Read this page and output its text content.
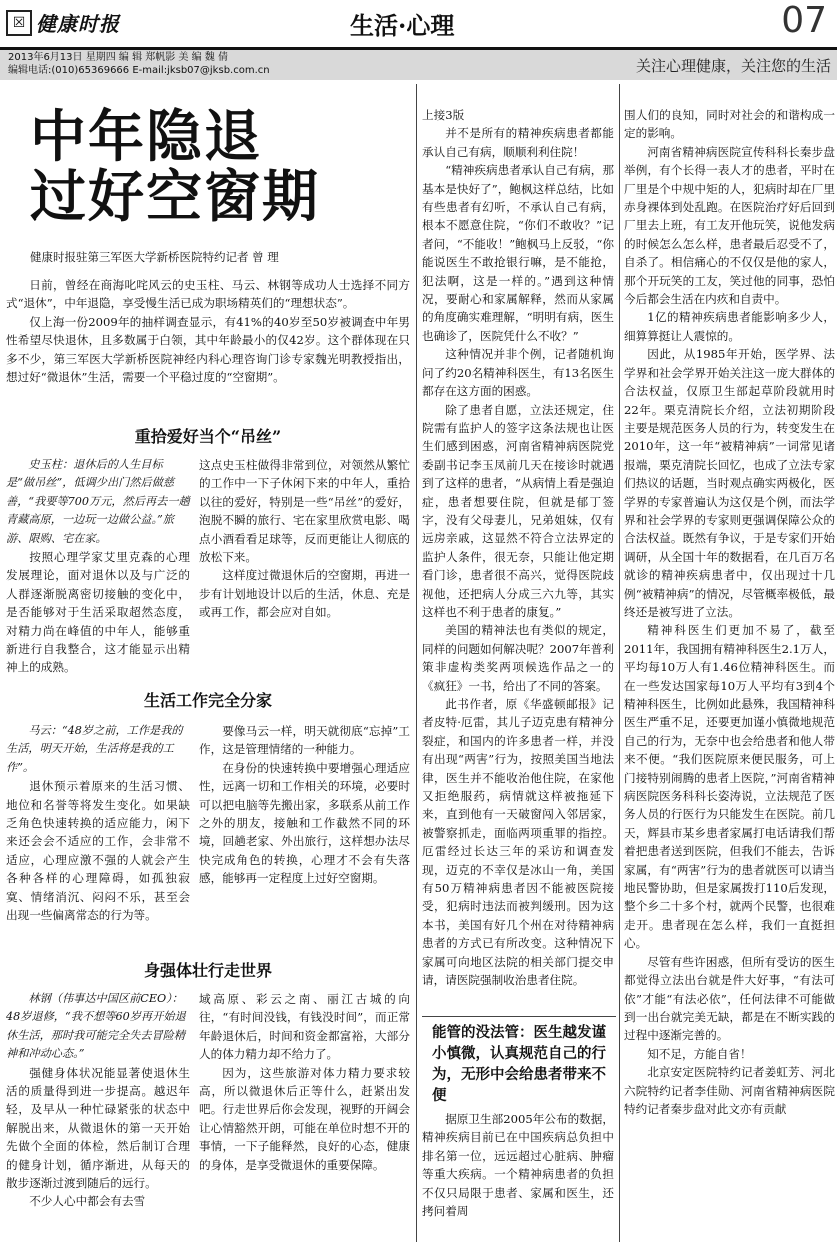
☒ 健康时报	生活·心理	07
2013年6月13日 星期四 编 辑 郑帆影 美 编 魏 倩
编辑电话:(010)65369666 E-mail:jksb07@jksb.com.cn	关注心理健康，关注您的生活
中年隐退
过好空窗期
健康时报驻第三军医大学新桥医院特约记者 曾 理

日前，曾经在商海叱咤风云的史玉柱、马云、林钢等成功人士选择不同方式“退休”，中年退隐，享受慢生活已成为职场精英们的“理想状态”。

仅上海一份2009年的抽样调查显示，有41%的40岁至50岁被调查中年男性希望尽快退休，且多数属于白领，其中年龄最小的仅42岁。这个群体现在只多不少，第三军医大学新桥医院神经内科心理咨询门诊专家魏光明教授指出，想过好“微退休”生活，需要一个平稳过度的“空窗期”。

重拾爱好当个“吊丝”

史玉柱：退休后的人生目标是“做吊丝”，低调少出门然后做慈善，“我要等700万元，然后再去一趟青藏高原，一边玩一边做公益。”旅游、限购、宅在家。

按照心理学家艾里克森的心理发展理论，面对退休以及与广泛的人群逐渐脱离密切接触的变化中，是否能够对于生活采取超然态度，对精力尚在峰值的中年人，能够重新进行自我整合，这才能显示出精神上的成熟。

这点史玉柱做得非常到位，对领然从繁忙的工作中一下子休闲下来的中年人，重拾以往的爱好，特别是一些“吊丝”的爱好，泡脱不瞬的旅行、宅在家里欣赏电影、喝点小酒看看足球等，反而更能让人彻底的放松下来。

这样度过微退休后的空窗期，再进一步有计划地设计以后的生活，休息、充是或再工作，都会应对自如。

生活工作完全分家

马云：“48岁之前，工作是我的生活，明天开始，生活将是我的工作”。

退休预示着原来的生活习惯、地位和名誉等将发生变化。如果缺乏角色快速转换的适应能力，闲下来还会会不适应的工作，会非常不适应，心理应激不强的人就会产生各种各样的心理障碍，如孤独寂寞、情绪消沉、闷闷不乐，甚至会出现一些偏离常态的行为等。

要像马云一样，明天就彻底“忘掉”工作，这是管理情绪的一种能力。

在身份的快速转换中要增强心理适应性，远离一切和工作相关的环境，必要时可以把电脑等先搬出家，多联系从前工作之外的朋友，接触和工作截然不同的环境，回趟老家、外出旅行，这样想办法尽快完成角色的转换，心理才不会有失落感，能够再一定程度上过好空窗期。

身强体壮行走世界

林钢（伟事达中国区前CEO）：48岁退修，“我不想等60岁再开始退休生活，那时我可能完全失去冒险精神和冲动心态。”

强健身体状况能显著使退休生活的质量得到进一步提高。越迟年轻，及早从一种忙碌紧张的状态中解脱出来，从微退休的第一天开始先做个全面的体检，然后制订合理的健身计划，循序渐进，从每天的散步逐渐过渡到随后的远行。

不少人心中都会有去雪

域高原、彩云之南、丽江古城的向往，“有时间没钱，有钱没时间”，而正常年龄退休后，时间和资金都富裕，大部分人的体力精力却不给力了。

因为，这些旅游对体力精力要求较高，所以微退休后正等什么，赶紧出发吧。行走世界后你会发现，视野的开阔会让心情豁然开朗，可能在单位时想不开的事情，一下子能释然，良好的心态，健康的身体，是享受微退休的重要保障。

上接3版

并不是所有的精神疾病患者都能承认自己有病，顺顺利利住院！

“精神疾病患者承认自己有病，那基本是快好了”，鲍枫这样总结，比如有些患者有幻听，不承认自己有病，根本不愿意住院，“你们不敢收？”记者问，“不能收！”鲍枫马上反驳，“你能说医生不敢抢银行嘛，是不能抢，犯法啊，这是一样的。”遇到这种情况，要耐心和家属解释，然而从家属的角度确实难理解，“明明有病，医生也确诊了，医院凭什么不收？”

这种情况并非个例，记者随机询问了约20名精神科医生，有13名医生都存在这方面的困惑。

除了患者自愿，立法还规定，住院需有监护人的签字这条法规也让医生们感到困惑，河南省精神病医院党委副书记李玉凤前几天在接诊时就遇到了这样的患者，“从病情上看是强迫症，患者想要住院，但就是郁丁签字，没有父母妻儿，兄弟姐妹，仅有远房亲戚，这显然不符合立法界定的监护人条件，很无奈，只能让他定期看门诊，患者很不高兴，觉得医院歧视他，还把病人分成三六九等，其实这样也不利于患者的康复。”

美国的精神法也有类似的规定，同样的问题如何解决呢？2007年普利策非虚构类奖两项候选作品之一的《疯狂》一书，给出了不同的答案。

此书作者，原《华盛顿邮报》记者皮特·厄雷，其儿子迈克患有精神分裂症，和国内的许多患者一样，并没有出现“两害”行为，按照美国当地法律，医生并不能收治他住院，在家他又拒绝服药，病情就这样被拖延下来，直到他有一天破窗闯入邻居家，被警察抓走，面临两项重罪的指控。厄雷经过长达三年的采访和调查发现，迈克的不幸仅是冰山一角，美国有50万精神病患者因不能被医院接受，犯病时违法而被判缓刑。因为这本书，美国有好几个州在对待精神病患者的方式已有所改变。这种情况下家属可向地区法院的相关部门提交申请，请医院强制收治患者住院。

能管的没法管：医生越发谨小慎微，认真规范自己的行为，无形中会给患者带来不便

据原卫生部2005年公布的数据，精神疾病目前已在中国疾病总负担中排名第一位，远远超过心脏病、肿瘤等重大疾病。一个精神病患者的负担不仅只局限于患者、家属和医生，还拷问着周

围人们的良知，同时对社会的和谐构成一定的影响。

河南省精神病医院宣传科科长秦步盘举例，有个长得一表人才的患者，平时在厂里是个中规中矩的人，犯病时却在厂里赤身裸体到处乱跑。在医院治疗好后回到厂里去上班，有工友开他玩笑，说他发病的时候怎么怎么样，患者最后忍受不了，自杀了。相信痛心的不仅仅是他的家人，那个开玩笑的工友，笑过他的同事，恐怕今后都会生活在内疚和自责中。

1亿的精神疾病患者能影响多少人，细算算挺让人震惊的。

因此，从1985年开始，医学界、法学界和社会学界开始关注这一庞大群体的合法权益，仅原卫生部起草阶段就用时22年。栗克清院长介绍，立法初期阶段主要是规范医务人员的行为，转变发生在2010年，这一年“被精神病”一词常见诸报端，栗克清院长回忆，也成了立法专家们热议的话题，当时观点确实两极化，医学界的专家普遍认为这仅是个例，而法学界和社会学界的专家则更强调保障公众的合法权益。既然有争议，于是专家们开始调研，从全国十年的数据看，在几百万名就诊的精神疾病患者中，仅出现过十几例“被精神病”的情况，尽管概率极低，最终还是被写进了立法。

精神科医生们更加不易了，截至2011年，我国拥有精神科医生2.1万人，平均每10万人有1.46位精神科医生。而在一些发达国家每10万人平均有3到4个精神科医生，比例如此悬殊，我国精神科医生严重不足，还要更加谨小慎微地规范自己的行为，无奈中也会给患者和他人带来不便。“我们医院原来便民服务，可上门接特别闹腾的患者上医院，”河南省精神病医院医务科科长姿涛说，立法规范了医务人员的行医行为只能发生在医院。前几天，辉县市某乡患者家属打电话请我们帮着把患者送到医院，但我们不能去，告诉家属，有“两害”行为的患者就医可以请当地民警协助，但是家属拨打110后发现，整个乡二十多个村，就两个民警，也很难走开。患者现在怎么样，我们一直挺担心。

尽管有些许困惑，但所有受访的医生都觉得立法出台就是件大好事，“有法可依”才能“有法必依”，任何法律不可能做到一出台就完美无缺，都是在不断实践的过程中逐渐完善的。

知不足，方能自省！

北京安定医院特约记者姜虹芳、河北六院特约记者李佳勋、河南省精神病医院特约记者秦步盘对此文亦有贡献
